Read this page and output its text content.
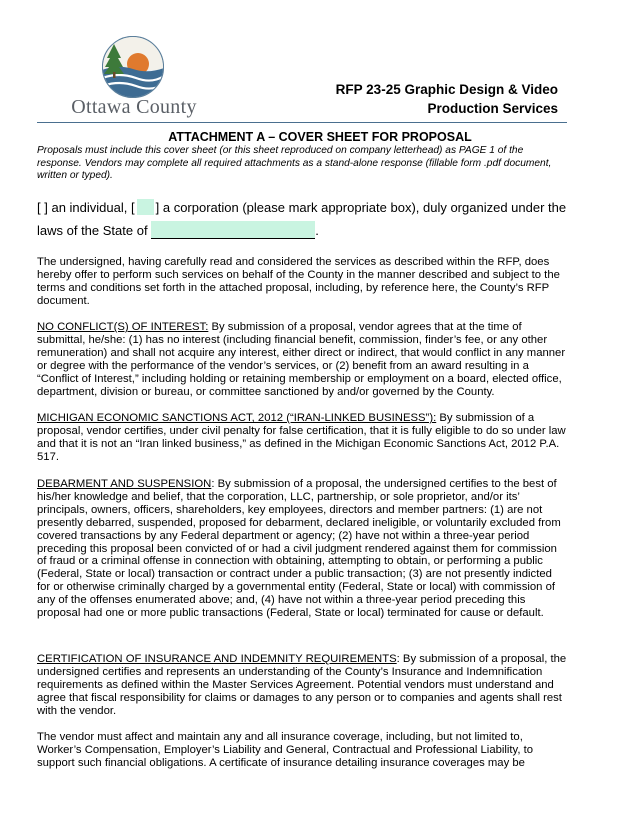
Ottawa County
RFP 23-25 Graphic Design & Video
Production Services
ATTACHMENT A – COVER SHEET FOR PROPOSAL
Proposals must include this cover sheet (or this sheet reproduced on company letterhead) as PAGE 1 of the response. Vendors may complete all required attachments as a stand-alone response (fillable form .pdf document, written or typed).
[ ] an individual, [ ] a corporation (please mark appropriate box), duly organized under the
laws of the State of	.
The undersigned, having carefully read and considered the services as described within the RFP, does hereby offer to perform such services on behalf of the County in the manner described and subject to the terms and conditions set forth in the attached proposal, including, by reference here, the County’s RFP document.
NO CONFLICT(S) OF INTEREST: By submission of a proposal, vendor agrees that at the time of submittal, he/she: (1) has no interest (including financial benefit, commission, finder’s fee, or any other remuneration) and shall not acquire any interest, either direct or indirect, that would conflict in any manner or degree with the performance of the vendor’s services, or (2) benefit from an award resulting in a “Conflict of Interest,” including holding or retaining membership or employment on a board, elected office, department, division or bureau, or committee sanctioned by and/or governed by the County.
MICHIGAN ECONOMIC SANCTIONS ACT, 2012 (“IRAN-LINKED BUSINESS”): By submission of a proposal, vendor certifies, under civil penalty for false certification, that it is fully eligible to do so under law and that it is not an “Iran linked business,” as defined in the Michigan Economic Sanctions Act, 2012 P.A. 517.
DEBARMENT AND SUSPENSION: By submission of a proposal, the undersigned certifies to the best of his/her knowledge and belief, that the corporation, LLC, partnership, or sole proprietor, and/or its’ principals, owners, officers, shareholders, key employees, directors and member partners: (1) are not presently debarred, suspended, proposed for debarment, declared ineligible, or voluntarily excluded from covered transactions by any Federal department or agency; (2) have not within a three-year period preceding this proposal been convicted of or had a civil judgment rendered against them for commission of fraud or a criminal offense in connection with obtaining, attempting to obtain, or performing a public (Federal, State or local) transaction or contract under a public transaction; (3) are not presently indicted for or otherwise criminally charged by a governmental entity (Federal, State or local) with commission of any of the offenses enumerated above; and, (4) have not within a three-year period preceding this proposal had one or more public transactions (Federal, State or local) terminated for cause or default.
CERTIFICATION OF INSURANCE AND INDEMNITY REQUIREMENTS: By submission of a proposal, the undersigned certifies and represents an understanding of the County’s Insurance and Indemnification requirements as defined within the Master Services Agreement. Potential vendors must understand and agree that fiscal responsibility for claims or damages to any person or to companies and agents shall rest with the vendor.
The vendor must affect and maintain any and all insurance coverage, including, but not limited to, Worker’s Compensation, Employer’s Liability and General, Contractual and Professional Liability, to support such financial obligations. A certificate of insurance detailing insurance coverages may be
